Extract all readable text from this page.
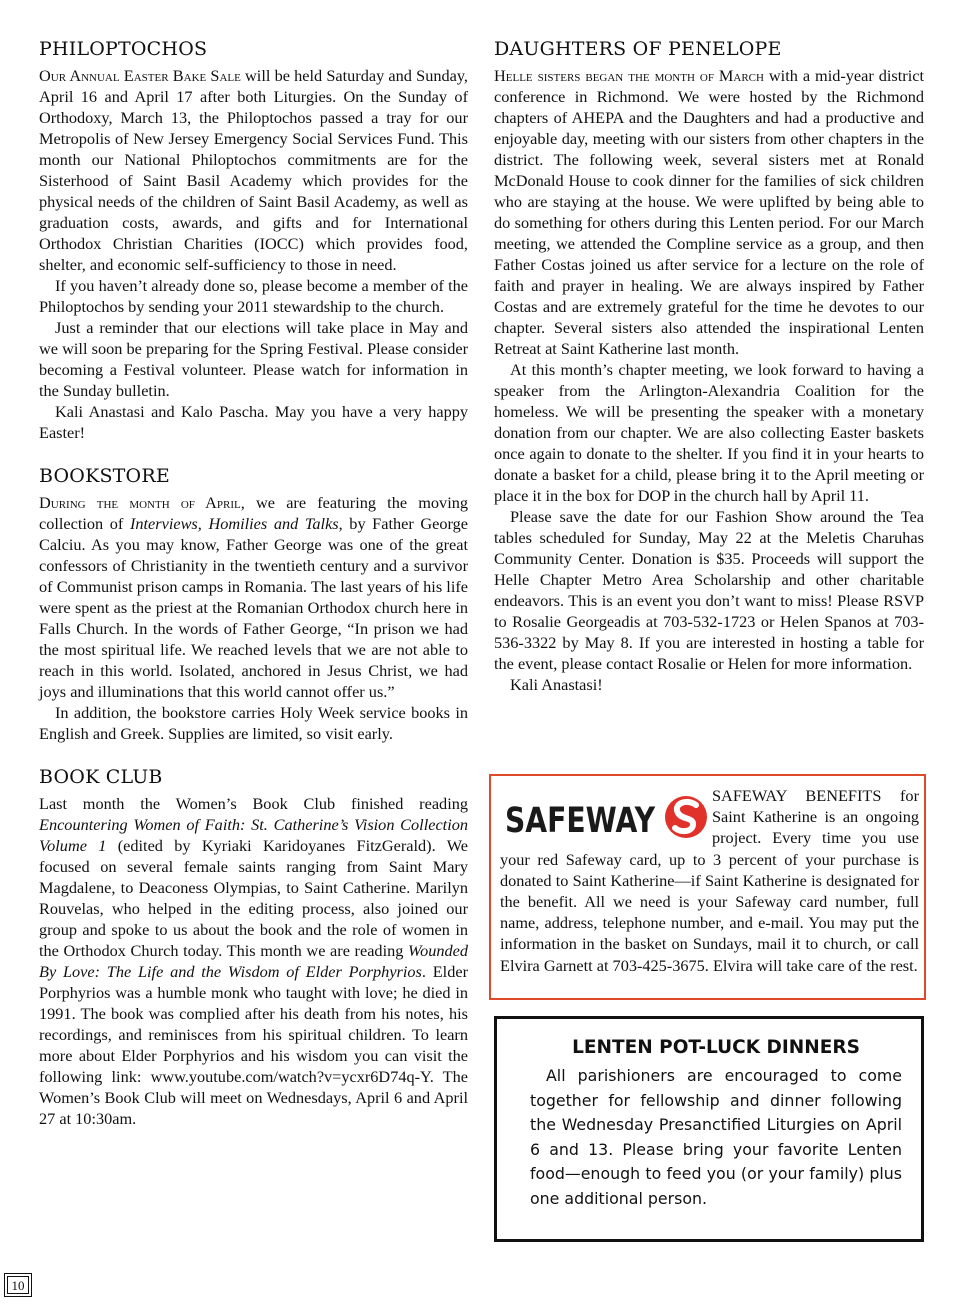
PHILOPTOCHOS

Our Annual Easter Bake Sale will be held Saturday and Sunday, April 16 and April 17 after both Liturgies. On the Sunday of Orthodoxy, March 13, the Philoptochos passed a tray for our Metropolis of New Jersey Emergency Social Services Fund. This month our National Philoptochos commitments are for the Sisterhood of Saint Basil Academy which provides for the physical needs of the children of Saint Basil Academy, as well as graduation costs, awards, and gifts and for International Orthodox Christian Charities (IOCC) which provides food, shelter, and economic self-sufficiency to those in need.

If you haven’t already done so, please become a member of the Philoptochos by sending your 2011 stewardship to the church.

Just a reminder that our elections will take place in May and we will soon be preparing for the Spring Festival. Please consider becoming a Festival volunteer. Please watch for information in the Sunday bulletin.

Kali Anastasi and Kalo Pascha. May you have a very happy Easter!

BOOKSTORE

During the month of April, we are featuring the moving collection of Interviews, Homilies and Talks, by Father George Calciu. As you may know, Father George was one of the great confessors of Christianity in the twentieth century and a survivor of Communist prison camps in Romania. The last years of his life were spent as the priest at the Romanian Orthodox church here in Falls Church. In the words of Father George, “In prison we had the most spiritual life. We reached levels that we are not able to reach in this world. Isolated, anchored in Jesus Christ, we had joys and illuminations that this world cannot offer us.”

In addition, the bookstore carries Holy Week service books in English and Greek. Supplies are limited, so visit early.

BOOK CLUB

Last month the Women’s Book Club finished reading Encountering Women of Faith: St. Catherine’s Vision Collection Volume 1 (edited by Kyriaki Karidoyanes FitzGerald). We focused on several female saints ranging from Saint Mary Magdalene, to Deaconess Olympias, to Saint Catherine. Marilyn Rouvelas, who helped in the editing process, also joined our group and spoke to us about the book and the role of women in the Orthodox Church today. This month we are reading Wounded By Love: The Life and the Wisdom of Elder Porphyrios. Elder Porphyrios was a humble monk who taught with love; he died in 1991. The book was complied after his death from his notes, his recordings, and reminisces from his spiritual children. To learn more about Elder Porphyrios and his wisdom you can visit the following link: www.youtube.com/watch?v=ycxr6D74q-Y. The Women’s Book Club will meet on Wednesdays, April 6 and April 27 at 10:30am.

DAUGHTERS OF PENELOPE

Helle sisters began the month of March with a mid-year district conference in Richmond. We were hosted by the Richmond chapters of AHEPA and the Daughters and had a productive and enjoyable day, meeting with our sisters from other chapters in the district. The following week, several sisters met at Ronald McDonald House to cook dinner for the families of sick children who are staying at the house. We were uplifted by being able to do something for others during this Lenten period. For our March meeting, we attended the Compline service as a group, and then Father Costas joined us after service for a lecture on the role of faith and prayer in healing. We are always inspired by Father Costas and are extremely grateful for the time he devotes to our chapter. Several sisters also attended the inspirational Lenten Retreat at Saint Katherine last month.

At this month’s chapter meeting, we look forward to having a speaker from the Arlington-Alexandria Coalition for the homeless. We will be presenting the speaker with a monetary donation from our chapter. We are also collecting Easter baskets once again to donate to the shelter. If you find it in your hearts to donate a basket for a child, please bring it to the April meeting or place it in the box for DOP in the church hall by April 11.

Please save the date for our Fashion Show around the Tea tables scheduled for Sunday, May 22 at the Meletis Charuhas Community Center. Donation is $35. Proceeds will support the Helle Chapter Metro Area Scholarship and other charitable endeavors. This is an event you don’t want to miss! Please RSVP to Rosalie Georgeadis at 703-532-1723 or Helen Spanos at 703-536-3322 by May 8. If you are interested in hosting a table for the event, please contact Rosalie or Helen for more information.

Kali Anastasi!

SAFEWAY
SAFEWAY BENEFITS for Saint Katherine is an ongoing project. Every time you use your red Safeway card, up to 3 percent of your purchase is donated to Saint Katherine—if Saint Katherine is designated for the benefit. All we need is your Safeway card number, full name, address, telephone number, and e-mail. You may put the information in the basket on Sundays, mail it to church, or call Elvira Garnett at 703-425-3675. Elvira will take care of the rest.
LENTEN POT-LUCK DINNERS

All parishioners are encouraged to come together for fellowship and dinner following the Wednesday Presanctified Liturgies on April 6 and 13. Please bring your favorite Lenten food—enough to feed you (or your family) plus one additional person.

10
